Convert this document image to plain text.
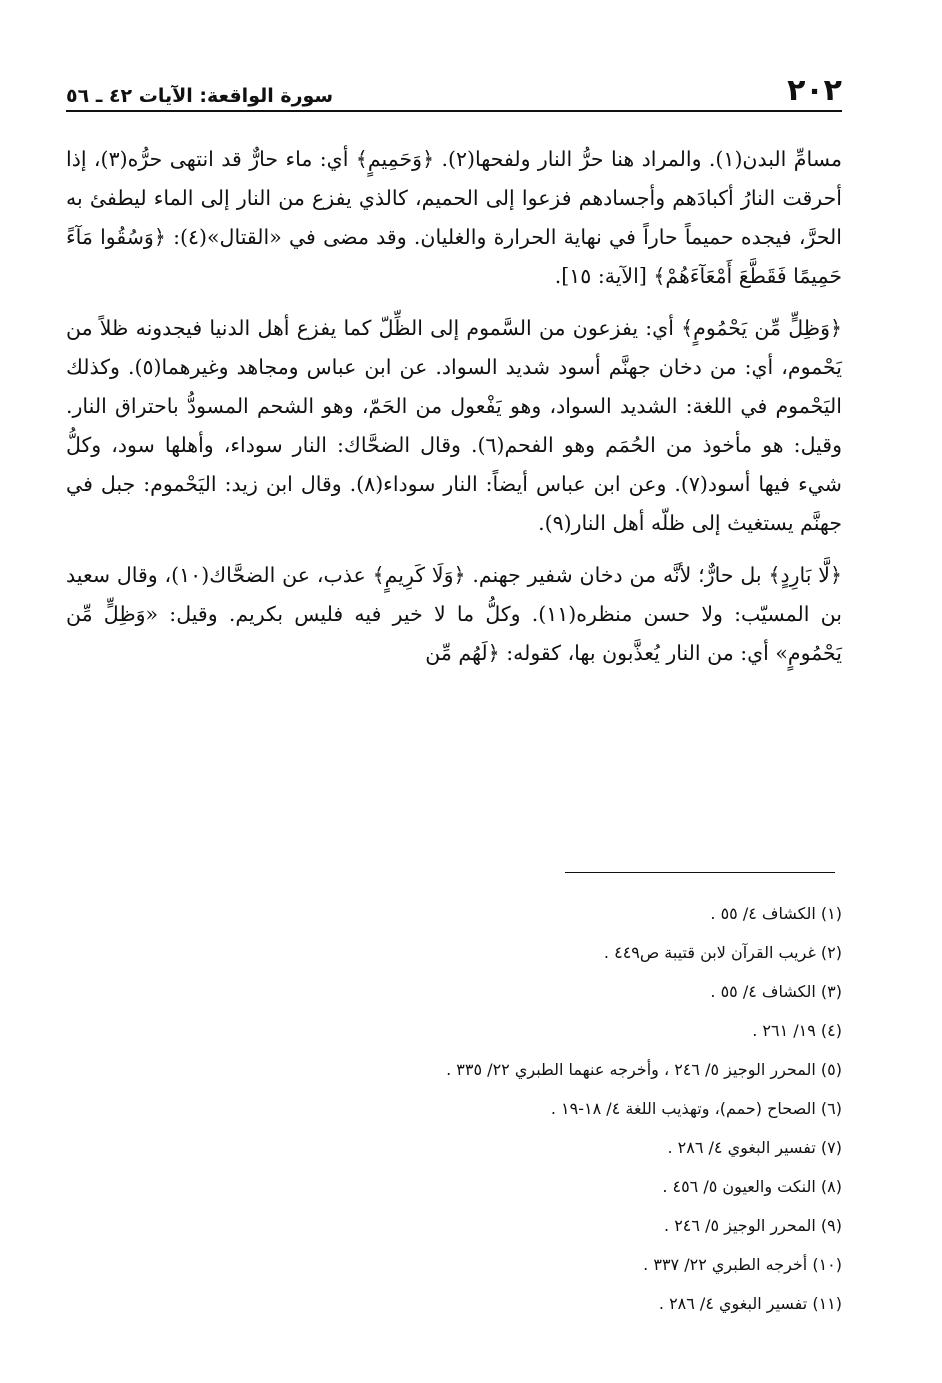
٢٠٢
سورة الواقعة: الآيات ٤٢ ـ ٥٦

مسامِّ البدن(١). والمراد هنا حرُّ النار ولفحها(٢). ﴿وَحَمِيمٍ﴾ أي: ماء حارٌّ قد انتهى حرُّه(٣)، إذا أحرقت النارُ أكبادَهم وأجسادهم فزعوا إلى الحميم، كالذي يفزع من النار إلى الماء ليطفئ به الحرَّ، فيجده حميماً حاراً في نهاية الحرارة والغليان. وقد مضى في «القتال»(٤): ﴿وَسُقُوا مَآءً حَمِيمًا فَقَطَّعَ أَمْعَآءَهُمْ﴾ [الآية: ١٥].

﴿وَظِلٍّ مِّن يَحْمُومٍ﴾ أي: يفزعون من السَّموم إلى الظِّلّ كما يفزع أهل الدنيا فيجدونه ظلاً من يَحْموم، أي: من دخان جهنَّم أسود شديد السواد. عن ابن عباس ومجاهد وغيرهما(٥). وكذلك اليَحْموم في اللغة: الشديد السواد، وهو يَفْعول من الحَمّ، وهو الشحم المسودُّ باحتراق النار. وقيل: هو مأخوذ من الحُمَم وهو الفحم(٦). وقال الضحَّاك: النار سوداء، وأهلها سود، وكلُّ شيء فيها أسود(٧). وعن ابن عباس أيضاً: النار سوداء(٨). وقال ابن زيد: اليَحْموم: جبل في جهنَّم يستغيث إلى ظلّه أهل النار(٩).

﴿لَّا بَارِدٍ﴾ بل حارٌّ؛ لأنَّه من دخان شفير جهنم. ﴿وَلَا كَرِيمٍ﴾ عذب، عن الضحَّاك(١٠)، وقال سعيد بن المسيّب: ولا حسن منظره(١١). وكلُّ ما لا خير فيه فليس بكريم. وقيل: «وَظِلٍّ مِّن يَحْمُومٍ» أي: من النار يُعذَّبون بها، كقوله: ﴿لَهُم مِّن

(١) الكشاف ٤/ ٥٥ .
(٢) غريب القرآن لابن قتيبة ص٤٤٩ .
(٣) الكشاف ٤/ ٥٥ .
(٤) ١٩/ ٢٦١ .
(٥) المحرر الوجيز ٥/ ٢٤٦ ، وأخرجه عنهما الطبري ٢٢/ ٣٣٥ .
(٦) الصحاح (حمم)، وتهذيب اللغة ٤/ ١٨-١٩ .
(٧) تفسير البغوي ٤/ ٢٨٦ .
(٨) النكت والعيون ٥/ ٤٥٦ .
(٩) المحرر الوجيز ٥/ ٢٤٦ .
(١٠) أخرجه الطبري ٢٢/ ٣٣٧ .
(١١) تفسير البغوي ٤/ ٢٨٦ .
